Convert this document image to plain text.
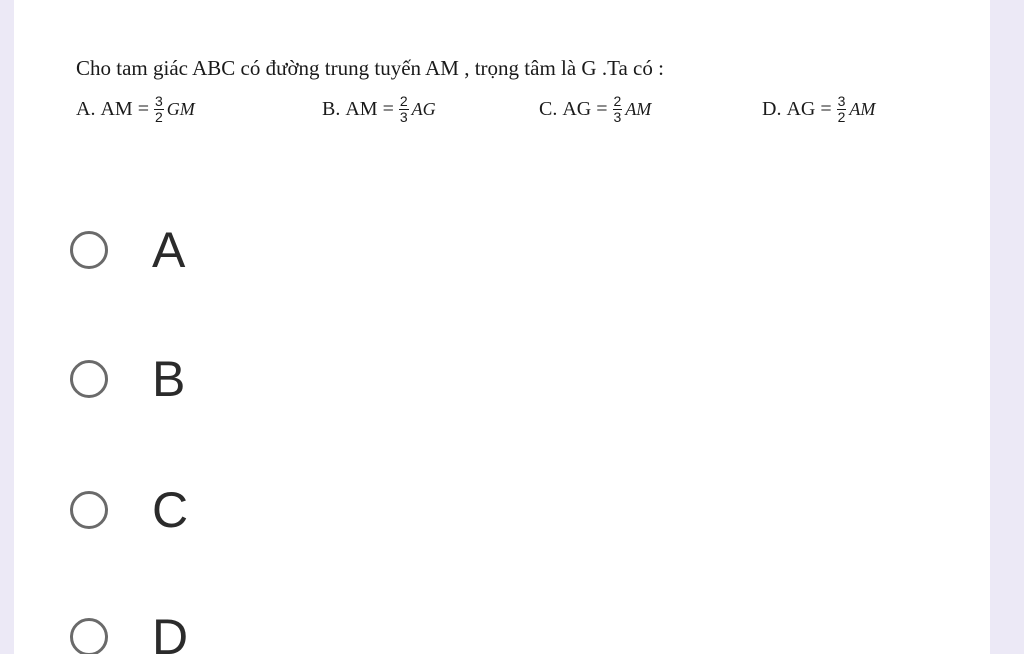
Cho tam giác ABC có đường trung tuyến AM , trọng tâm là G .Ta có :
A.
AM = $\frac{3}{2}$ GM	B.
AM = $\frac{2}{3}$ AG	C.
AG = $\frac{2}{3}$ AM	D.
AG = $\frac{3}{2}$ AM
A
B
C
D
